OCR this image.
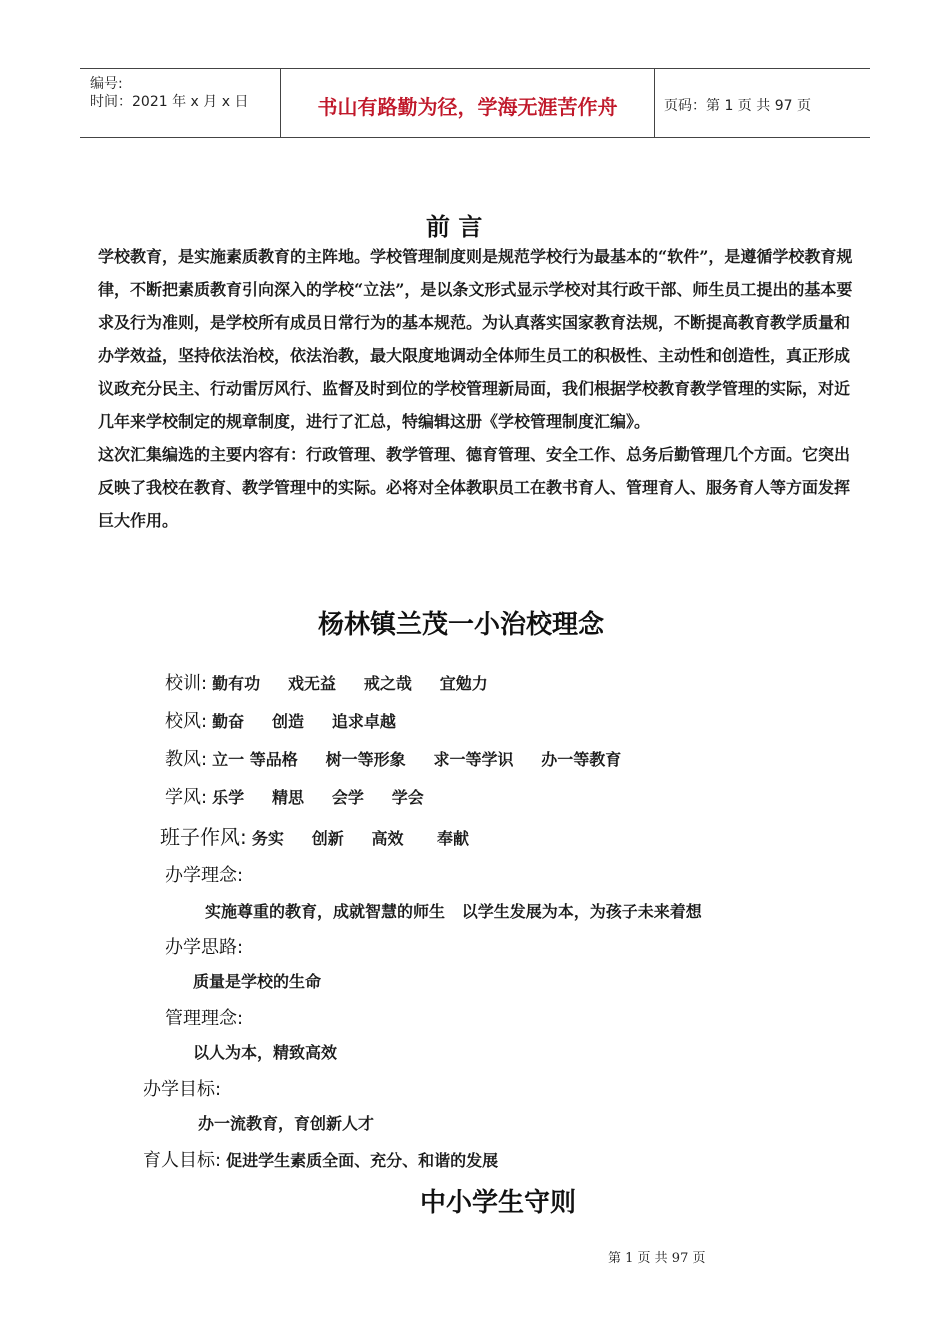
编号:
时间：2021 年 x 月 x 日	书山有路勤为径，学海无涯苦作舟	页码：第 1 页 共 97 页
前 言

学校教育，是实施素质教育的主阵地。学校管理制度则是规范学校行为最基本的“软件”，是遵循学校教育规律，不断把素质教育引向深入的学校“立法”，是以条文形式显示学校对其行政干部、师生员工提出的基本要求及行为准则，是学校所有成员日常行为的基本规范。为认真落实国家教育法规，不断提高教育教学质量和办学效益，坚持依法治校，依法治教，最大限度地调动全体师生员工的积极性、主动性和创造性，真正形成议政充分民主、行动雷厉风行、监督及时到位的学校管理新局面，我们根据学校教育教学管理的实际，对近几年来学校制定的规章制度，进行了汇总，特编辑这册《学校管理制度汇编》。

这次汇集编选的主要内容有：行政管理、教学管理、德育管理、安全工作、总务后勤管理几个方面。它突出反映了我校在教育、教学管理中的实际。必将对全体教职员工在教书育人、管理育人、服务育人等方面发挥巨大作用。

杨林镇兰茂一小治校理念
校训: 勤有功     戏无益     戒之哉     宜勉力
校风: 勤奋     创造     追求卓越
教风: 立一 等品格     树一等形象     求一等学识     办一等教育
学风: 乐学     精思     会学     学会
班子作风: 务实     创新     高效      奉献
办学理念:
实施尊重的教育，成就智慧的师生   以学生发展为本，为孩子未来着想
办学思路:
质量是学校的生命
管理理念:
以人为本，精致高效
办学目标:
办一流教育，育创新人才
育人目标: 促进学生素质全面、充分、和谐的发展
中小学生守则
第 1 页 共 97 页
